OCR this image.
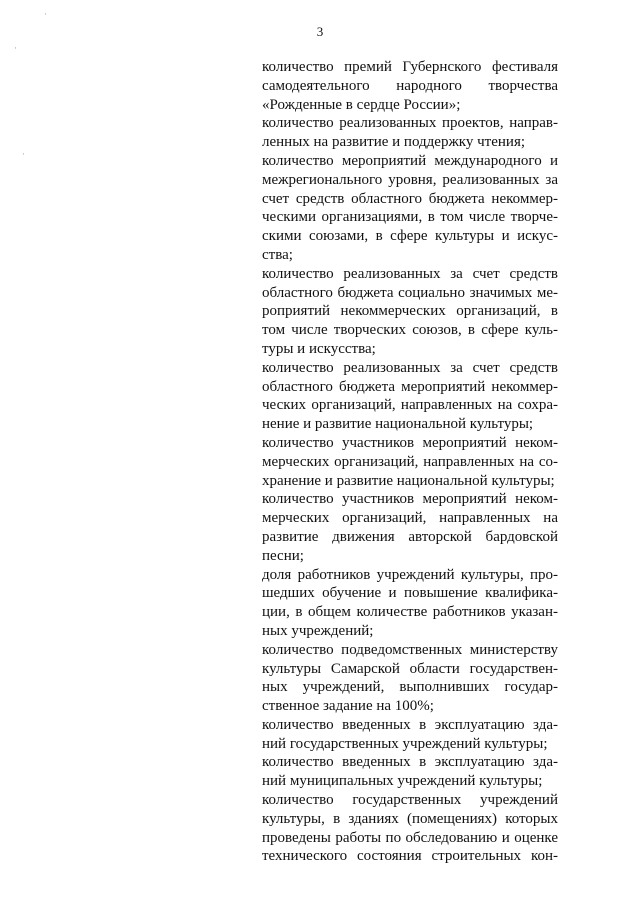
·
·
·
3
количество премий Губернского фестиваля
самодеятельного народного творчества
«Рожденные в сердце России»;
количество реализованных проектов, направ-
ленных на развитие и поддержку чтения;
количество мероприятий международного и
межрегионального уровня, реализованных за
счет средств областного бюджета некоммер-
ческими организациями, в том числе творче-
скими союзами, в сфере культуры и искус-
ства;
количество реализованных за счет средств
областного бюджета социально значимых ме-
роприятий некоммерческих организаций, в
том числе творческих союзов, в сфере куль-
туры и искусства;
количество реализованных за счет средств
областного бюджета мероприятий некоммер-
ческих организаций, направленных на сохра-
нение и развитие национальной культуры;
количество участников мероприятий неком-
мерческих организаций, направленных на со-
хранение и развитие национальной культуры;
количество участников мероприятий неком-
мерческих организаций, направленных на
развитие движения авторской бардовской
песни;
доля работников учреждений культуры, про-
шедших обучение и повышение квалифика-
ции, в общем количестве работников указан-
ных учреждений;
количество подведомственных министерству
культуры Самарской области государствен-
ных учреждений, выполнивших государ-
ственное задание на 100%;
количество введенных в эксплуатацию зда-
ний государственных учреждений культуры;
количество введенных в эксплуатацию зда-
ний муниципальных учреждений культуры;
количество государственных учреждений
культуры, в зданиях (помещениях) которых
проведены работы по обследованию и оценке
технического состояния строительных кон-
